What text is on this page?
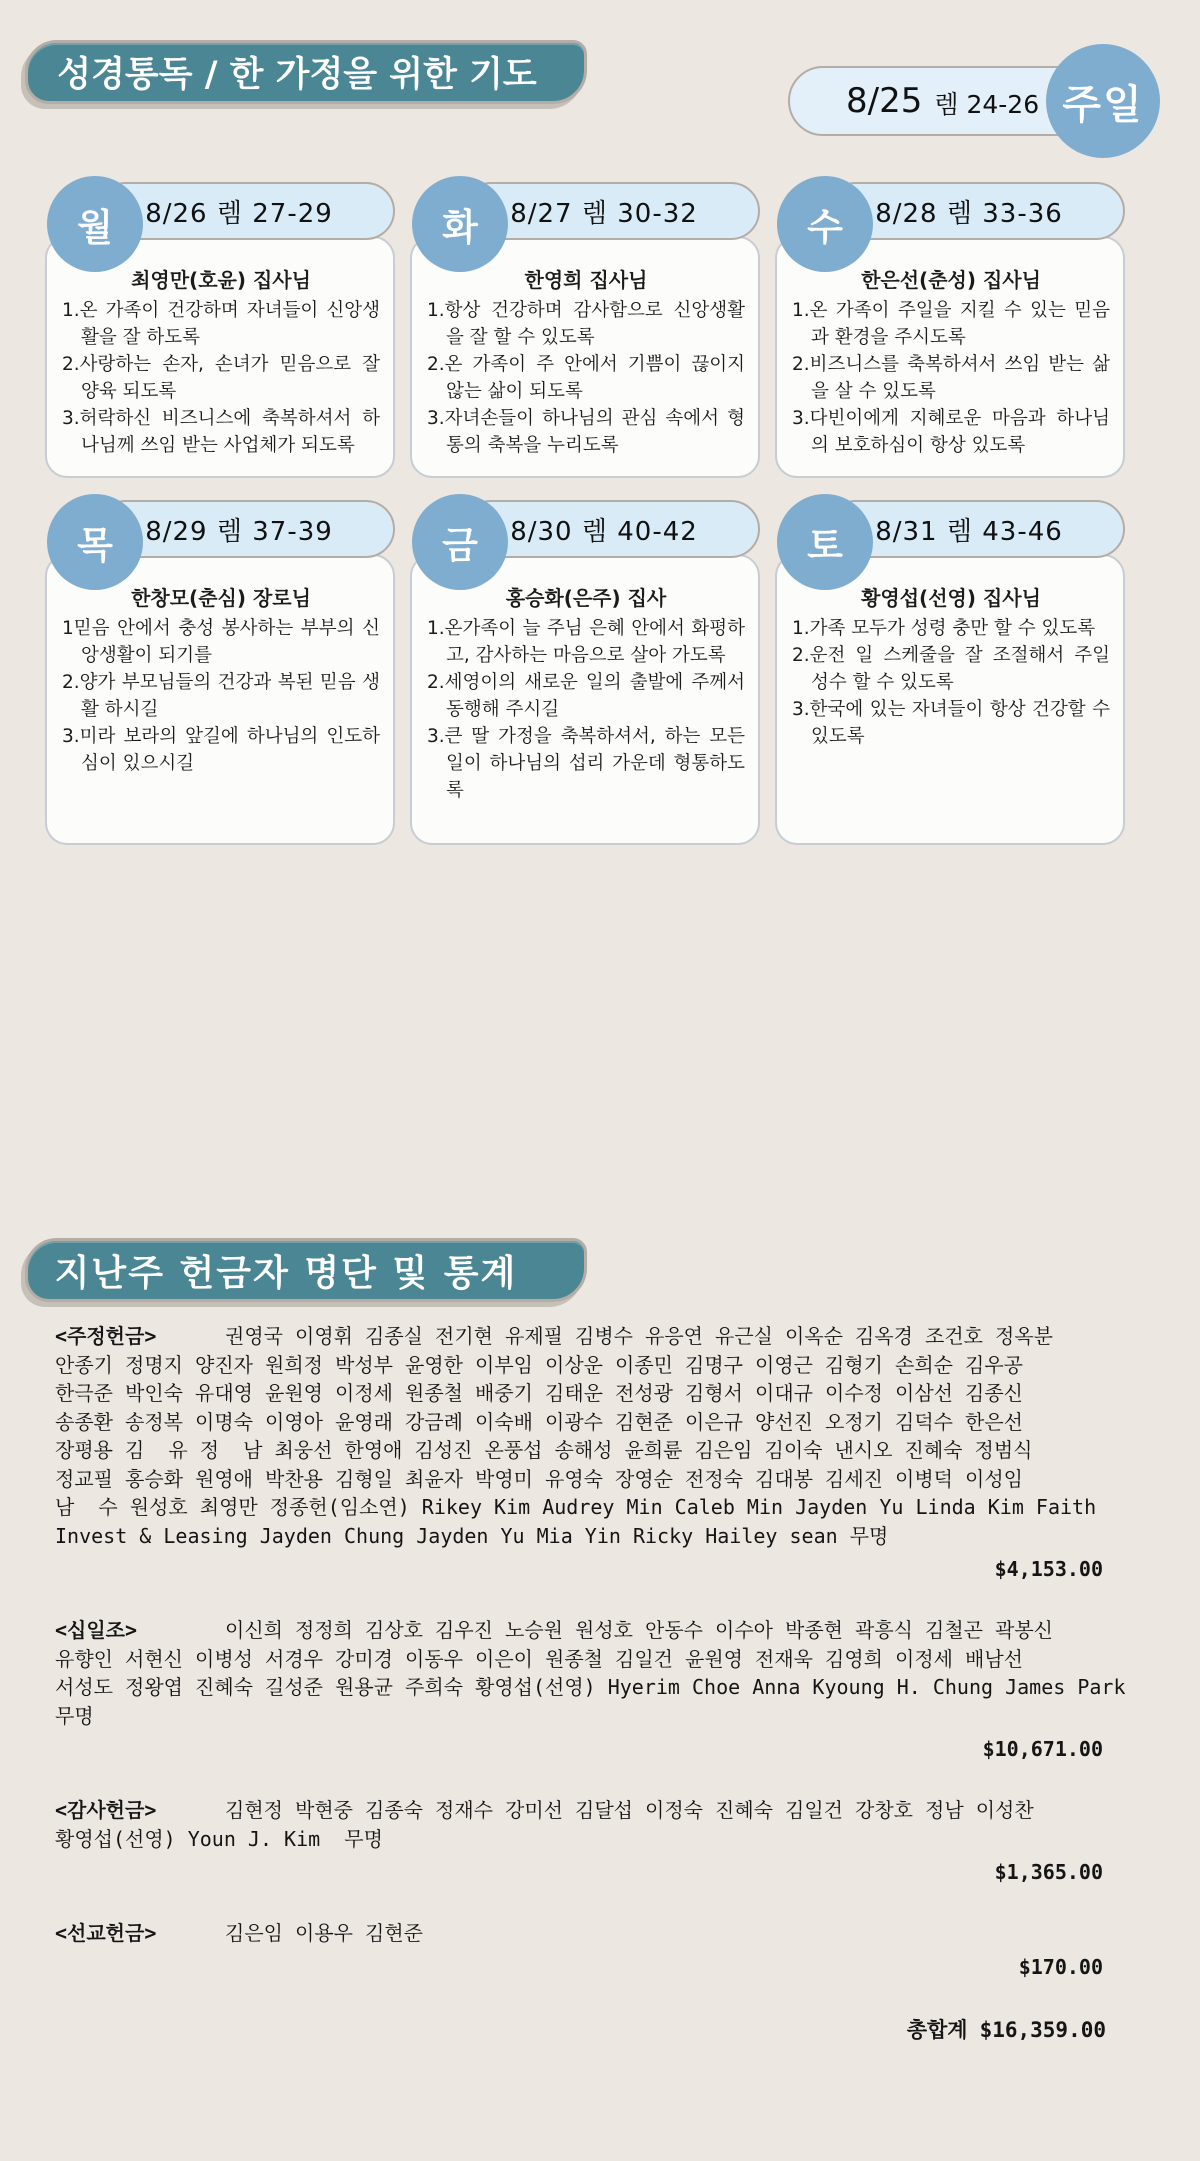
성경통독 / 한 가정을 위한 기도
8/25 렘 24-26 주일
월	8/26 렘 27-29
최영만(호윤) 집사님
1.온 가족이 건강하며 자녀들이 신앙생활을 잘 하도록
2.사랑하는 손자, 손녀가 믿음으로 잘 양육 되도록
3.허락하신 비즈니스에 축복하셔서 하나님께 쓰임 받는 사업체가 되도록
화	8/27 렘 30-32
한영희 집사님
1.항상 건강하며 감사함으로 신앙생활을 잘 할 수 있도록
2.온 가족이 주 안에서 기쁨이 끊이지 않는 삶이 되도록
3.자녀손들이 하나님의 관심 속에서 형통의 축복을 누리도록
수	8/28 렘 33-36
한은선(춘성) 집사님
1.온 가족이 주일을 지킬 수 있는 믿음과 환경을 주시도록
2.비즈니스를 축복하셔서 쓰임 받는 삶을 살 수 있도록
3.다빈이에게 지혜로운 마음과 하나님의 보호하심이 항상 있도록
목	8/29 렘 37-39
한창모(춘심) 장로님
1믿음 안에서 충성 봉사하는 부부의 신앙생활이 되기를
2.양가 부모님들의 건강과 복된 믿음 생활 하시길
3.미라 보라의 앞길에 하나님의 인도하심이 있으시길
금	8/30 렘 40-42
홍승화(은주) 집사
1.온가족이 늘 주님 은혜 안에서 화평하고, 감사하는 마음으로 살아 가도록
2.세영이의 새로운 일의 출발에 주께서 동행해 주시길
3.큰 딸 가정을 축복하셔서, 하는 모든 일이 하나님의 섭리 가운데 형통하도록
토	8/31 렘 43-46
황영섭(선영) 집사님
1.가족 모두가 성령 충만 할 수 있도록
2.운전 일 스케줄을 잘 조절해서 주일 성수 할 수 있도록
3.한국에 있는 자녀들이 항상 건강할 수 있도록
지난주 헌금자 명단 및 통계
<주정헌금>	권영국 이영휘 김종실 전기현 유제필 김병수 유응연 유근실 이옥순 김옥경 조건호 정옥분
안종기 정명지 양진자 원희정 박성부 윤영한 이부임 이상운 이종민 김명구 이영근 김형기 손희순 김우공
한극준 박인숙 유대영 윤원영 이정세 원종철 배중기 김태운 전성광 김형서 이대규 이수정 이삼선 김종신
송종환 송정복 이명숙 이영아 윤영래 강금례 이숙배 이광수 김현준 이은규 양선진 오정기 김덕수 한은선
장평용 김  유 정  남 최웅선 한영애 김성진 온풍섭 송해성 윤희륜 김은임 김이숙 낸시오 진혜숙 정범식
정교필 홍승화 원영애 박찬용 김형일 최윤자 박영미 유영숙 장영순 전정숙 김대봉 김세진 이병덕 이성임
남  수 원성호 최영만 정종헌(임소연) Rikey Kim Audrey Min Caleb Min Jayden Yu Linda Kim Faith
Invest & Leasing Jayden Chung Jayden Yu Mia Yin Ricky Hailey sean 무명
$4,153.00
<십일조>	이신희 정정희 김상호 김우진 노승원 원성호 안동수 이수아 박종현 곽흥식 김철곤 곽봉신
유향인 서현신 이병성 서경우 강미경 이동우 이은이 원종철 김일건 윤원영 전재욱 김영희 이정세 배남선
서성도 정왕엽 진혜숙 길성준 원용균 주희숙 황영섭(선영) Hyerim Choe Anna Kyoung H. Chung James Park
무명
$10,671.00
<감사헌금>	김현정 박현중 김종숙 정재수 강미선 김달섭 이정숙 진혜숙 김일건 강창호 정남 이성찬
황영섭(선영) Youn J. Kim  무명
$1,365.00
<선교헌금>	김은임 이용우 김현준
$170.00
총합계 $16,359.00
